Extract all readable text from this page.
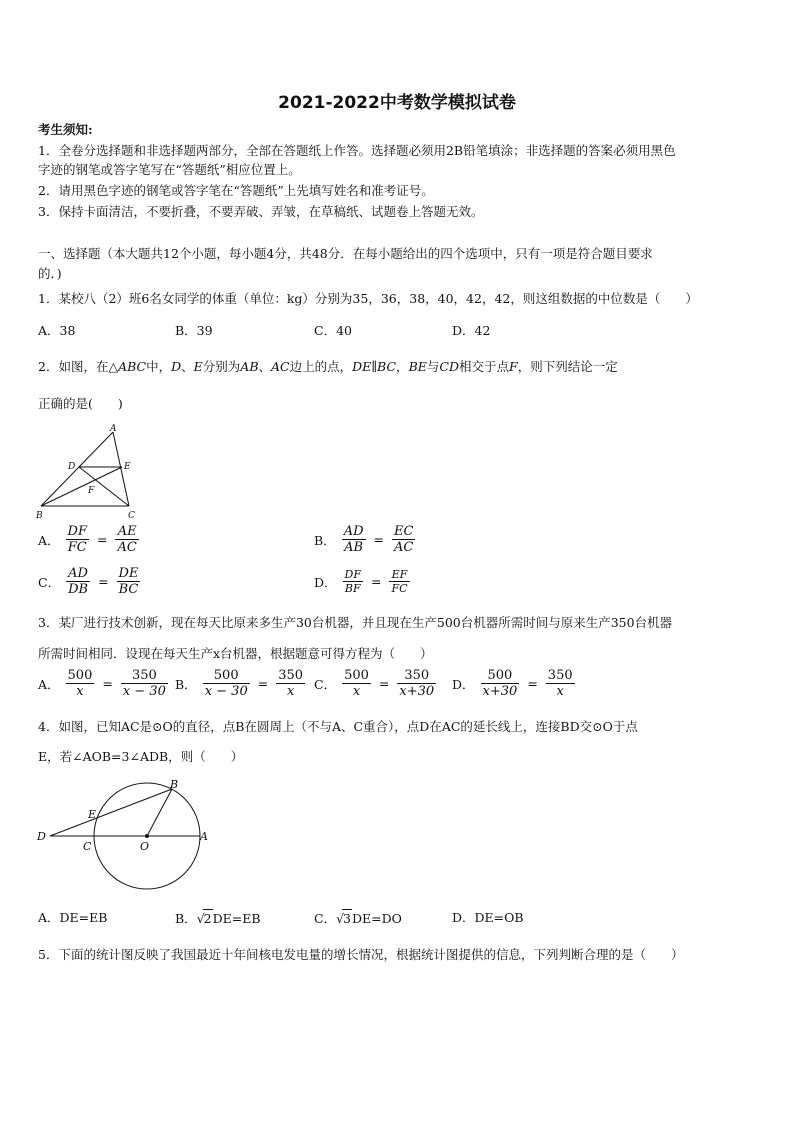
2021-2022中考数学模拟试卷
考生须知:
1．全卷分选择题和非选择题两部分，全部在答题纸上作答。选择题必须用2B铅笔填涂；非选择题的答案必须用黑色
字迹的钢笔或答字笔写在“答题纸”相应位置上。
2．请用黑色字迹的钢笔或答字笔在“答题纸”上先填写姓名和准考证号。
3．保持卡面清洁，不要折叠，不要弄破、弄皱，在草稿纸、试题卷上答题无效。
一、选择题（本大题共12个小题，每小题4分，共48分．在每小题给出的四个选项中，只有一项是符合题目要求
的．)
1．某校八（2）班6名女同学的体重（单位：kg）分别为35，36，38，40，42，42，则这组数据的中位数是（　　）
A．38	B．39	C．40	D．42
2．如图，在△ABC中，D、E分别为AB、AC边上的点，DE∥BC，BE与CD相交于点F，则下列结论一定
正确的是(　　)
A
D	E
F
B	C
A． $\frac{DF}{FC} = \frac{AE}{AC}$	B． $\frac{AD}{AB} = \frac{EC}{AC}$
C． $\frac{AD}{DB} = \frac{DE}{BC}$	D． $\frac{DF}{BF} = \frac{EF}{FC}$
3．某厂进行技术创新，现在每天比原来多生产30台机器，并且现在生产500台机器所需时间与原来生产350台机器
所需时间相同．设现在每天生产x台机器，根据题意可得方程为（　　）
A． $\frac{500}{x} = \frac{350}{x - 30}$ B． $\frac{500}{x - 30} = \frac{350}{x}$ C． $\frac{500}{x} = \frac{350}{x+30}$ D． $\frac{500}{x+30} = \frac{350}{x}$
4．如图，已知AC是⊙O的直径，点B在圆周上（不与A、C重合），点D在AC的延长线上，连接BD交⊙O于点
E，若∠AOB=3∠ADB，则（　　）
B
E
D
C	O
A
A．DE=EB	B．√2DE=EB	C．√3DE=DO	D．DE=OB
5．下面的统计图反映了我国最近十年间核电发电量的增长情况，根据统计图提供的信息，下列判断合理的是（　　）
